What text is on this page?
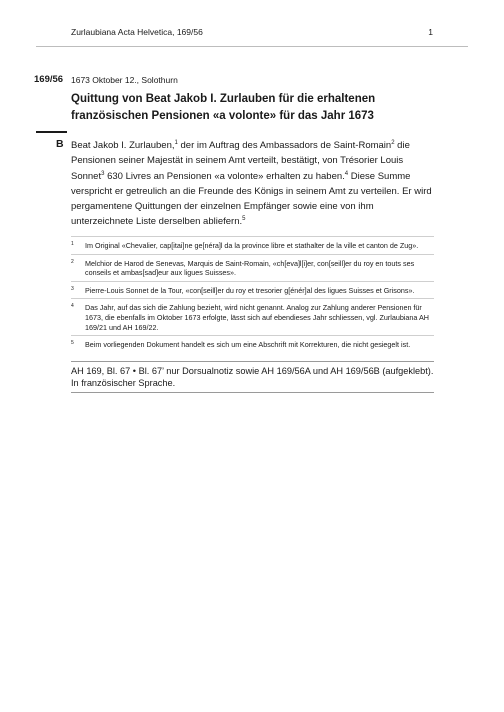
Zurlaubiana Acta Helvetica, 169/56	1
169/56 1673 Oktober 12., Solothurn
Quittung von Beat Jakob I. Zurlauben für die erhaltenen
französischen Pensionen «a volonte» für das Jahr 1673
B Beat Jakob I. Zurlauben,$^1$ der im Auftrag des Ambassadors de Saint-Romain$^2$ die Pensionen seiner Majestät in seinem Amt verteilt, bestätigt, von Trésorier Louis Sonnet$^3$ 630 Livres an Pensionen «a volonte» erhalten zu haben.$^4$ Diese Summe verspricht er getreulich an die Freunde des Königs in seinem Amt zu verteilen. Er wird pergamentene Quittungen der einzelnen Empfänger sowie eine von ihm unterzeichnete Liste derselben abliefern.$^5$
1 Im Original «Chevalier, cap[itai]ne ge[néra]l da la province libre et stathalter de la ville et canton de Zug».
2 Melchior de Harod de Senevas, Marquis de Saint-Romain, «ch[eva]l[i]er, con[seill]er du roy en touts ses conseils et ambas[sad]eur aux ligues Suisses».
3 Pierre-Louis Sonnet de la Tour, «con[seill]er du roy et tresorier g[énér]al des ligues Suisses et Grisons».
4 Das Jahr, auf das sich die Zahlung bezieht, wird nicht genannt. Analog zur Zahlung anderer Pensionen für 1673, die ebenfalls im Oktober 1673 erfolgte, lässt sich auf ebendieses Jahr schliessen, vgl. Zurlaubiana AH 169/21 und AH 169/22.
5 Beim vorliegenden Dokument handelt es sich um eine Abschrift mit Korrekturen, die nicht gesiegelt ist.
AH 169, Bl. 67 • Bl. 67’ nur Dorsualnotiz sowie AH 169/56A und AH 169/56B (aufgeklebt).
In französischer Sprache.
